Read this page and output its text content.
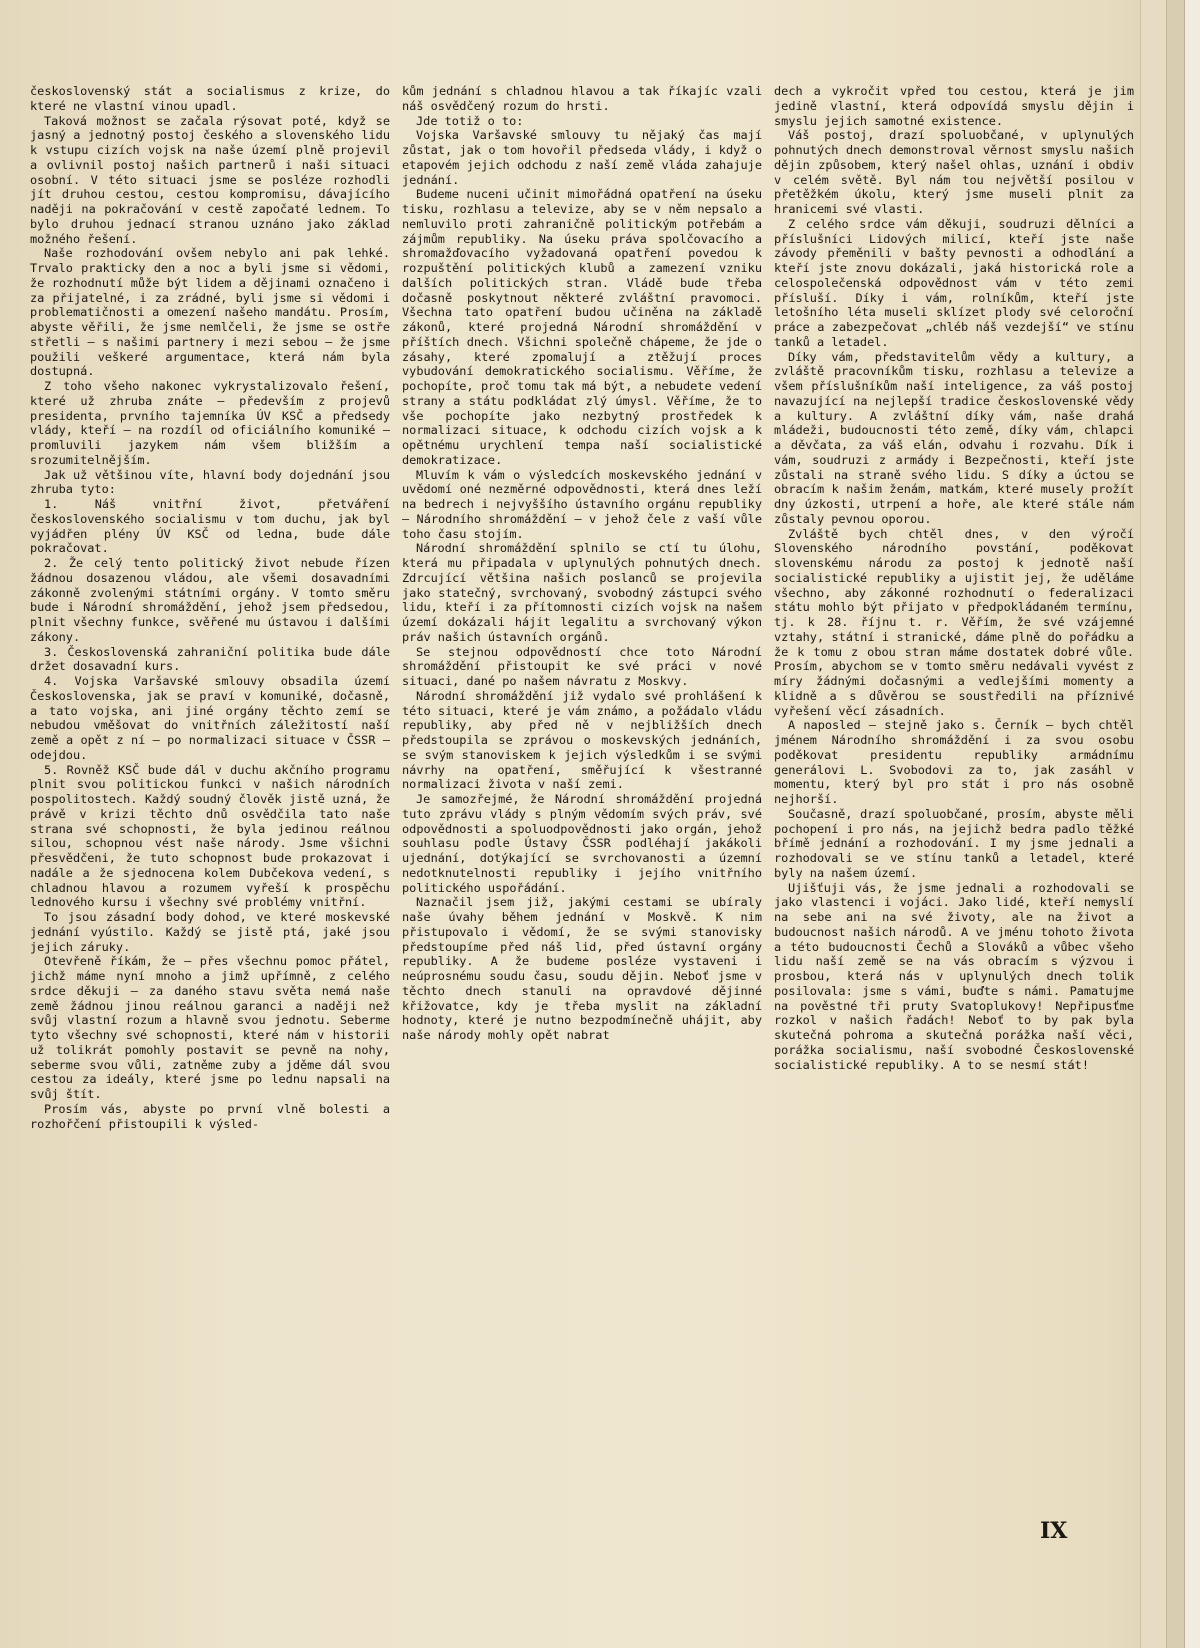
československý stát a socialismus z krize, do které ne vlastní vinou upadl.

Taková možnost se začala rýsovat poté, když se jasný a jednotný postoj českého a slovenského lidu k vstupu cizích vojsk na naše území plně projevil a ovlivnil postoj našich partnerů i naši situaci osobní. V této situaci jsme se posléze rozhodli jít druhou cestou, cestou kompromisu, dávajícího naději na pokračování v cestě započaté lednem. To bylo druhou jednací stranou uznáno jako základ možného řešení.

Naše rozhodování ovšem nebylo ani pak lehké. Trvalo prakticky den a noc a byli jsme si vědomi, že rozhodnutí může být lidem a dějinami označeno i za přijatelné, i za zrádné, byli jsme si vědomi i problematičnosti a omezení našeho mandátu. Prosím, abyste věřili, že jsme nemlčeli, že jsme se ostře střetli — s našimi partnery i mezi sebou — že jsme použili veškeré argumentace, která nám byla dostupná.

Z toho všeho nakonec vykrystalizovalo řešení, které už zhruba znáte — především z projevů presidenta, prvního tajemníka ÚV KSČ a předsedy vlády, kteří — na rozdíl od oficiálního komuniké — promluvili jazykem nám všem bližším a srozumitelnějším.

Jak už většinou víte, hlavní body dojednání jsou zhruba tyto:

1. Náš vnitřní život, přetváření československého socialismu v tom duchu, jak byl vyjádřen plény ÚV KSČ od ledna, bude dále pokračovat.

2. Že celý tento politický život nebude řízen žádnou dosazenou vládou, ale všemi dosavadními zákonně zvolenými státními orgány. V tomto směru bude i Národní shromáždění, jehož jsem předsedou, plnit všechny funkce, svěřené mu ústavou i dalšími zákony.

3. Československá zahraniční politika bude dále držet dosavadní kurs.

4. Vojska Varšavské smlouvy obsadila území Československa, jak se praví v komuniké, dočasně, a tato vojska, ani jiné orgány těchto zemí se nebudou vměšovat do vnitřních záležitostí naší země a opět z ní — po normalizaci situace v ČSSR — odejdou.

5. Rovněž KSČ bude dál v duchu akčního programu plnit svou politickou funkci v našich národních pospolitostech. Každý soudný člověk jistě uzná, že právě v krizi těchto dnů osvědčila tato naše strana své schopnosti, že byla jedinou reálnou silou, schopnou vést naše národy. Jsme všichni přesvědčeni, že tuto schopnost bude prokazovat i nadále a že sjednocena kolem Dubčekova vedení, s chladnou hlavou a rozumem vyřeší k prospěchu lednového kursu i všechny své problémy vnitřní.

To jsou zásadní body dohod, ve které moskevské jednání vyústilo. Každý se jistě ptá, jaké jsou jejich záruky.

Otevřeně říkám, že — přes všechnu pomoc přátel, jichž máme nyní mnoho a jimž upřímně, z celého srdce děkuji — za daného stavu světa nemá naše země žádnou jinou reálnou garanci a naději než svůj vlastní rozum a hlavně svou jednotu. Seberme tyto všechny své schopnosti, které nám v historii už tolikrát pomohly postavit se pevně na nohy, seberme svou vůli, zatněme zuby a jděme dál svou cestou za ideály, které jsme po lednu napsali na svůj štít.

Prosím vás, abyste po první vlně bolesti a rozhořčení přistoupili k výsled-

kům jednání s chladnou hlavou a tak říkajíc vzali náš osvědčený rozum do hrsti.

Jde totiž o to:

Vojska Varšavské smlouvy tu nějaký čas mají zůstat, jak o tom hovořil předseda vlády, i když o etapovém jejich odchodu z naší země vláda zahajuje jednání.

Budeme nuceni učinit mimořádná opatření na úseku tisku, rozhlasu a televize, aby se v něm nepsalo a nemluvilo proti zahraničně politickým potřebám a zájmům republiky. Na úseku práva spolčovacího a shromažďovacího vyžadovaná opatření povedou k rozpuštění politických klubů a zamezení vzniku dalších politických stran. Vládě bude třeba dočasně poskytnout některé zvláštní pravomoci. Všechna tato opatření budou učiněna na základě zákonů, které projedná Národní shromáždění v příštích dnech. Všichni společně chápeme, že jde o zásahy, které zpomalují a ztěžují proces vybudování demokratického socialismu. Věříme, že pochopíte, proč tomu tak má být, a nebudete vedení strany a státu podkládat zlý úmysl. Věříme, že to vše pochopíte jako nezbytný prostředek k normalizaci situace, k odchodu cizích vojsk a k opětnému urychlení tempa naší socialistické demokratizace.

Mluvím k vám o výsledcích moskevského jednání v uvědomí oné nezměrné odpovědnosti, která dnes leží na bedrech i nejvyššího ústavního orgánu republiky — Národního shromáždění — v jehož čele z vaší vůle toho času stojím.

Národní shromáždění splnilo se ctí tu úlohu, která mu připadala v uplynulých pohnutých dnech. Zdrcující většina našich poslanců se projevila jako statečný, svrchovaný, svobodný zástupci svého lidu, kteří i za přítomnosti cizích vojsk na našem území dokázali hájit legalitu a svrchovaný výkon práv našich ústavních orgánů.

Se stejnou odpovědností chce toto Národní shromáždění přistoupit ke své práci v nové situaci, dané po našem návratu z Moskvy.

Národní shromáždění již vydalo své prohlášení k této situaci, které je vám známo, a požádalo vládu republiky, aby před ně v nejbližších dnech předstoupila se zprávou o moskevských jednáních, se svým stanoviskem k jejich výsledkům i se svými návrhy na opatření, směřující k všestranné normalizaci života v naší zemi.

Je samozřejmé, že Národní shromáždění projedná tuto zprávu vlády s plným vědomím svých práv, své odpovědnosti a spoluodpovědnosti jako orgán, jehož souhlasu podle Ústavy ČSSR podléhají jakákoli ujednání, dotýkající se svrchovanosti a územní nedotknutelnosti republiky i jejího vnitřního politického uspořádání.

Naznačil jsem již, jakými cestami se ubíraly naše úvahy během jednání v Moskvě. K nim přistupovalo i vědomí, že se svými stanovisky předstoupíme před náš lid, před ústavní orgány republiky. A že budeme posléze vystaveni i neúprosnému soudu času, soudu dějin. Neboť jsme v těchto dnech stanuli na opravdové dějinné křižovatce, kdy je třeba myslit na základní hodnoty, které je nutno bezpodmínečně uhájit, aby naše národy mohly opět nabrat

dech a vykročit vpřed tou cestou, která je jim jedině vlastní, která odpovídá smyslu dějin i smyslu jejich samotné existence.

Váš postoj, drazí spoluobčané, v uplynulých pohnutých dnech demonstroval věrnost smyslu našich dějin způsobem, který našel ohlas, uznání i obdiv v celém světě. Byl nám tou největší posilou v přetěžkém úkolu, který jsme museli plnit za hranicemi své vlasti.

Z celého srdce vám děkuji, soudruzi dělníci a příslušníci Lidových milicí, kteří jste naše závody přeměnili v bašty pevnosti a odhodlání a kteří jste znovu dokázali, jaká historická role a celospolečenská odpovědnost vám v této zemi přísluší. Díky i vám, rolníkům, kteří jste letošního léta museli sklízet plody své celoroční práce a zabezpečovat „chléb náš vezdejší“ ve stínu tanků a letadel.

Díky vám, představitelům vědy a kultury, a zvláště pracovníkům tisku, rozhlasu a televize a všem příslušníkům naší inteligence, za váš postoj navazující na nejlepší tradice československé vědy a kultury. A zvláštní díky vám, naše drahá mládeži, budoucnosti této země, díky vám, chlapci a děvčata, za váš elán, odvahu i rozvahu. Dík i vám, soudruzi z armády i Bezpečnosti, kteří jste zůstali na straně svého lidu. S díky a úctou se obracím k našim ženám, matkám, které musely prožít dny úzkosti, utrpení a hoře, ale které stále nám zůstaly pevnou oporou.

Zvláště bych chtěl dnes, v den výročí Slovenského národního povstání, poděkovat slovenskému národu za postoj k jednotě naší socialistické republiky a ujistit jej, že uděláme všechno, aby zákonné rozhodnutí o federalizaci státu mohlo být přijato v předpokládaném termínu, tj. k 28. říjnu t. r. Věřím, že své vzájemné vztahy, státní i stranické, dáme plně do pořádku a že k tomu z obou stran máme dostatek dobré vůle. Prosím, abychom se v tomto směru nedávali vyvést z míry žádnými dočasnými a vedlejšími momenty a klidně a s důvěrou se soustředili na příznivé vyřešení věcí zásadních.

A naposled — stejně jako s. Černík — bych chtěl jménem Národního shromáždění i za svou osobu poděkovat presidentu republiky armádnímu generálovi L. Svobodovi za to, jak zasáhl v momentu, který byl pro stát i pro nás osobně nejhorší.

Současně, drazí spoluobčané, prosím, abyste měli pochopení i pro nás, na jejichž bedra padlo těžké břímě jednání a rozhodování. I my jsme jednali a rozhodovali se ve stínu tanků a letadel, které byly na našem území.

Ujišťuji vás, že jsme jednali a rozhodovali se jako vlastenci i vojáci. Jako lidé, kteří nemyslí na sebe ani na své životy, ale na život a budoucnost našich národů. A ve jménu tohoto života a této budoucnosti Čechů a Slováků a vůbec všeho lidu naší země se na vás obracím s výzvou i prosbou, která nás v uplynulých dnech tolik posilovala: jsme s vámi, buďte s námi. Pamatujme na pověstné tři pruty Svatoplukovy! Nepřipusťme rozkol v našich řadách! Neboť to by pak byla skutečná pohroma a skutečná porážka naší věci, porážka socialismu, naší svobodné Československé socialistické republiky. A to se nesmí stát!

IX
